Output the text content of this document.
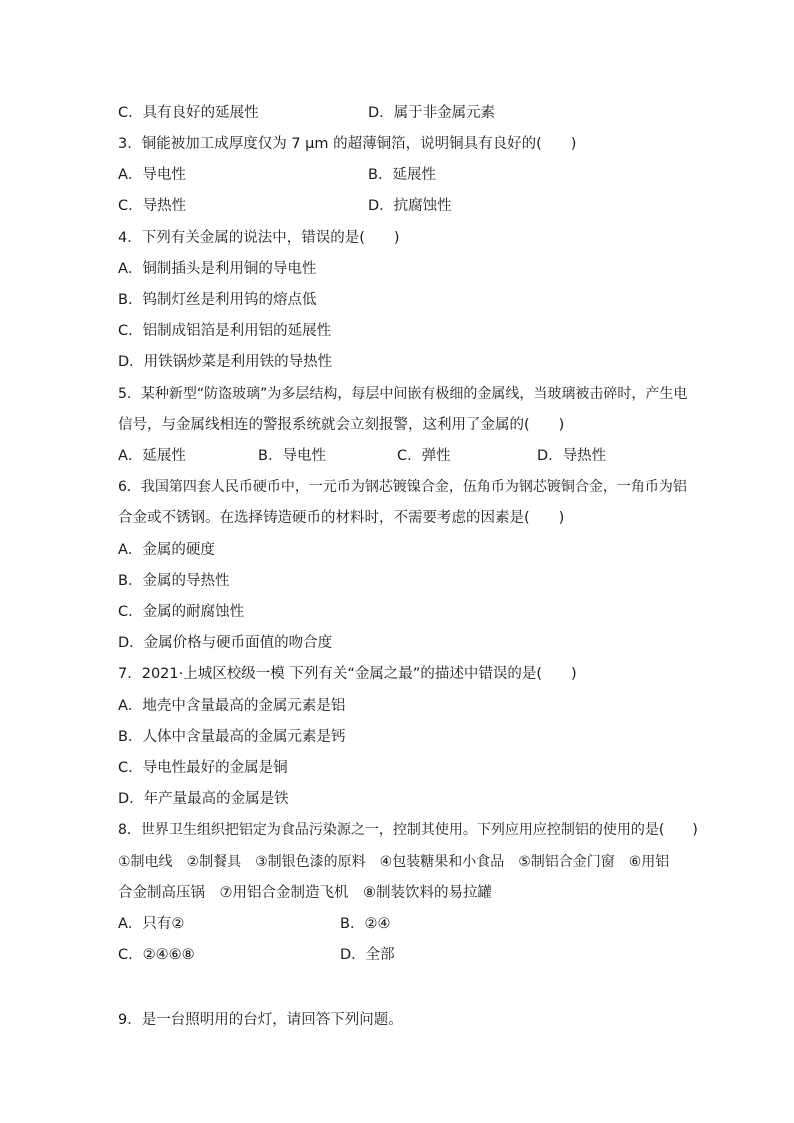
C．具有良好的延展性	D．属于非金属元素
3．铜能被加工成厚度仅为 7 μm 的超薄铜箔，说明铜具有良好的(　　)
A．导电性	B．延展性
C．导热性	D．抗腐蚀性
4．下列有关金属的说法中，错误的是(　　)
A．铜制插头是利用铜的导电性
B．钨制灯丝是利用钨的熔点低
C．铝制成铝箔是利用铝的延展性
D．用铁锅炒菜是利用铁的导热性
5．某种新型“防盗玻璃”为多层结构，每层中间嵌有极细的金属线，当玻璃被击碎时，产生电
信号，与金属线相连的警报系统就会立刻报警，这利用了金属的(　　)
A．延展性	B．导电性	C．弹性	D．导热性
6．我国第四套人民币硬币中，一元币为钢芯镀镍合金，伍角币为钢芯镀铜合金，一角币为铝
合金或不锈钢。在选择铸造硬币的材料时，不需要考虑的因素是(　　)
A．金属的硬度
B．金属的导热性
C．金属的耐腐蚀性
D．金属价格与硬币面值的吻合度
7．2021·上城区校级一模 下列有关“金属之最”的描述中错误的是(　　)
A．地壳中含量最高的金属元素是铝
B．人体中含量最高的金属元素是钙
C．导电性最好的金属是铜
D．年产量最高的金属是铁
8．世界卫生组织把铝定为食品污染源之一，控制其使用。下列应用应控制铝的使用的是(　　)
①制电线　②制餐具　③制银色漆的原料　④包装糖果和小食品　⑤制铝合金门窗　⑥用铝
合金制高压锅　⑦用铝合金制造飞机　⑧制装饮料的易拉罐
A．只有②	B．②④
C．②④⑥⑧	D．全部
9．是一台照明用的台灯，请回答下列问题。
